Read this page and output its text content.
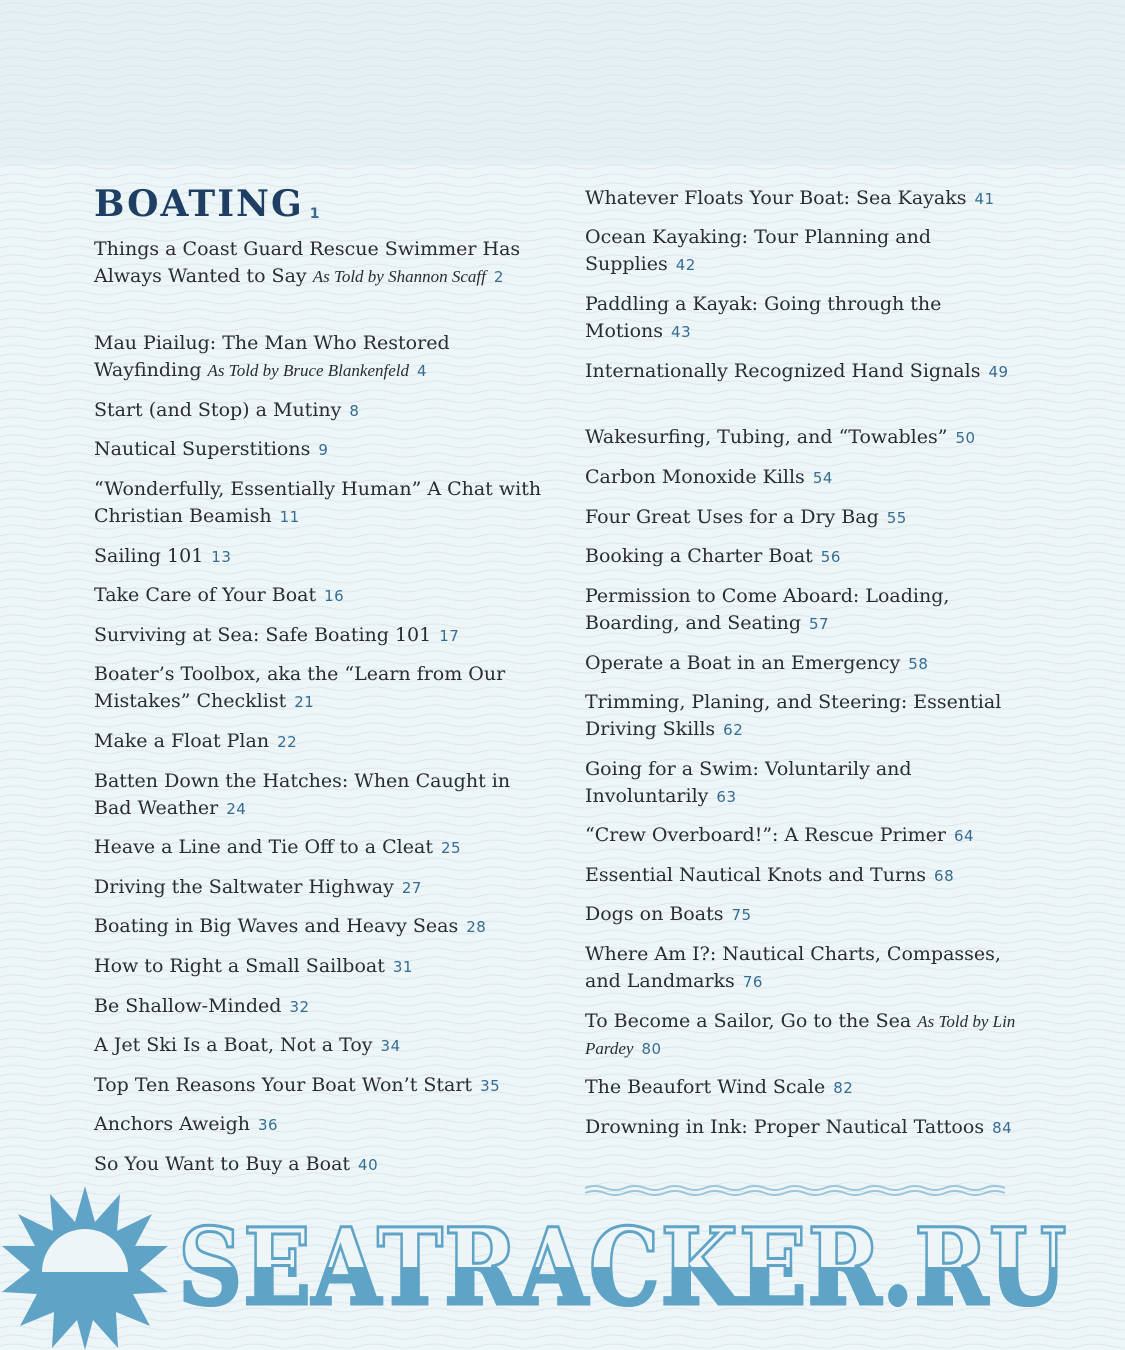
BOATING 1

Things a Coast Guard Rescue Swimmer Has Always Wanted to Say As Told by Shannon Scaff 2

Mau Piailug: The Man Who Restored Wayfinding As Told by Bruce Blankenfeld 4

Start (and Stop) a Mutiny 8

Nautical Superstitions 9

“Wonderfully, Essentially Human” A Chat with Christian Beamish 11

Sailing 101 13

Take Care of Your Boat 16

Surviving at Sea: Safe Boating 101 17

Boater’s Toolbox, aka the “Learn from Our Mistakes” Checklist 21

Make a Float Plan 22

Batten Down the Hatches: When Caught in Bad Weather 24

Heave a Line and Tie Off to a Cleat 25

Driving the Saltwater Highway 27

Boating in Big Waves and Heavy Seas 28

How to Right a Small Sailboat 31

Be Shallow-Minded 32

A Jet Ski Is a Boat, Not a Toy 34

Top Ten Reasons Your Boat Won’t Start 35

Anchors Aweigh 36

So You Want to Buy a Boat 40

Whatever Floats Your Boat: Sea Kayaks 41

Ocean Kayaking: Tour Planning and Supplies 42

Paddling a Kayak: Going through the Motions 43

Internationally Recognized Hand Signals 49

Wakesurfing, Tubing, and “Towables” 50

Carbon Monoxide Kills 54

Four Great Uses for a Dry Bag 55

Booking a Charter Boat 56

Permission to Come Aboard: Loading, Boarding, and Seating 57

Operate a Boat in an Emergency 58

Trimming, Planing, and Steering: Essential Driving Skills 62

Going for a Swim: Voluntarily and Involuntarily 63

“Crew Overboard!”: A Rescue Primer 64

Essential Nautical Knots and Turns 68

Dogs on Boats 75

Where Am I?: Nautical Charts, Compasses, and Landmarks 76

To Become a Sailor, Go to the Sea As Told by Lin Pardey 80

The Beaufort Wind Scale 82

Drowning in Ink: Proper Nautical Tattoos 84

SEATRACKER.RU
